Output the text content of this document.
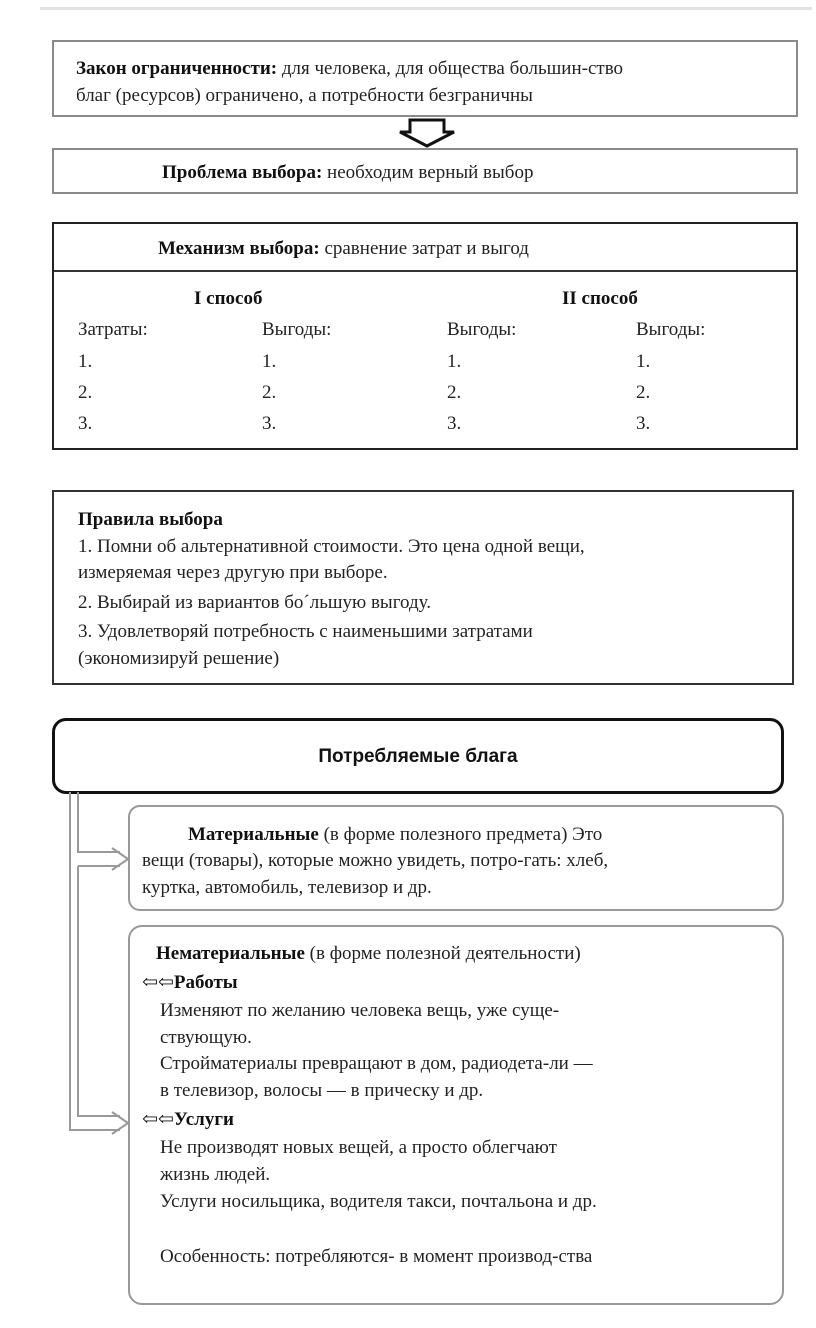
Закон ограниченности: для человека, для общества большин-ство
благ (ресурсов) ограничено, а потребности безграничны
Проблема выбора: необходим верный выбор
Механизм выбора: сравнение затрат и выгод
I способ	II способ
Затраты:
1.
2.
3.
Выгоды:
1.
2.
3.
Выгоды:
1.
2.
3.
Выгоды:
1.
2.
3.
Правила выбора
1. Помни об альтернативной стоимости. Это цена одной вещи,
измеряемая через другую при выборе.
2. Выбирай из вариантов бо´льшую выгоду.
3. Удовлетворяй потребность с наименьшими затратами
(экономизируй решение)
Потребляемые блага
Материальные (в форме полезного предмета) Это
вещи (товары), которые можно увидеть, потро-гать: хлеб,
куртка, автомобиль, телевизор и др.
Нематериальные (в форме полезной деятельности)
⇦⇦Работы
Изменяют по желанию человека вещь, уже суще-
ствующую.
Стройматериалы превращают в дом, радиодета-ли —
в телевизор, волосы — в прическу и др.
⇦⇦Услуги
Не производят новых вещей, а просто облегчают
жизнь людей.
Услуги носильщика, водителя такси, почтальона и др.
Особенность: потребляются- в момент производ-ства
